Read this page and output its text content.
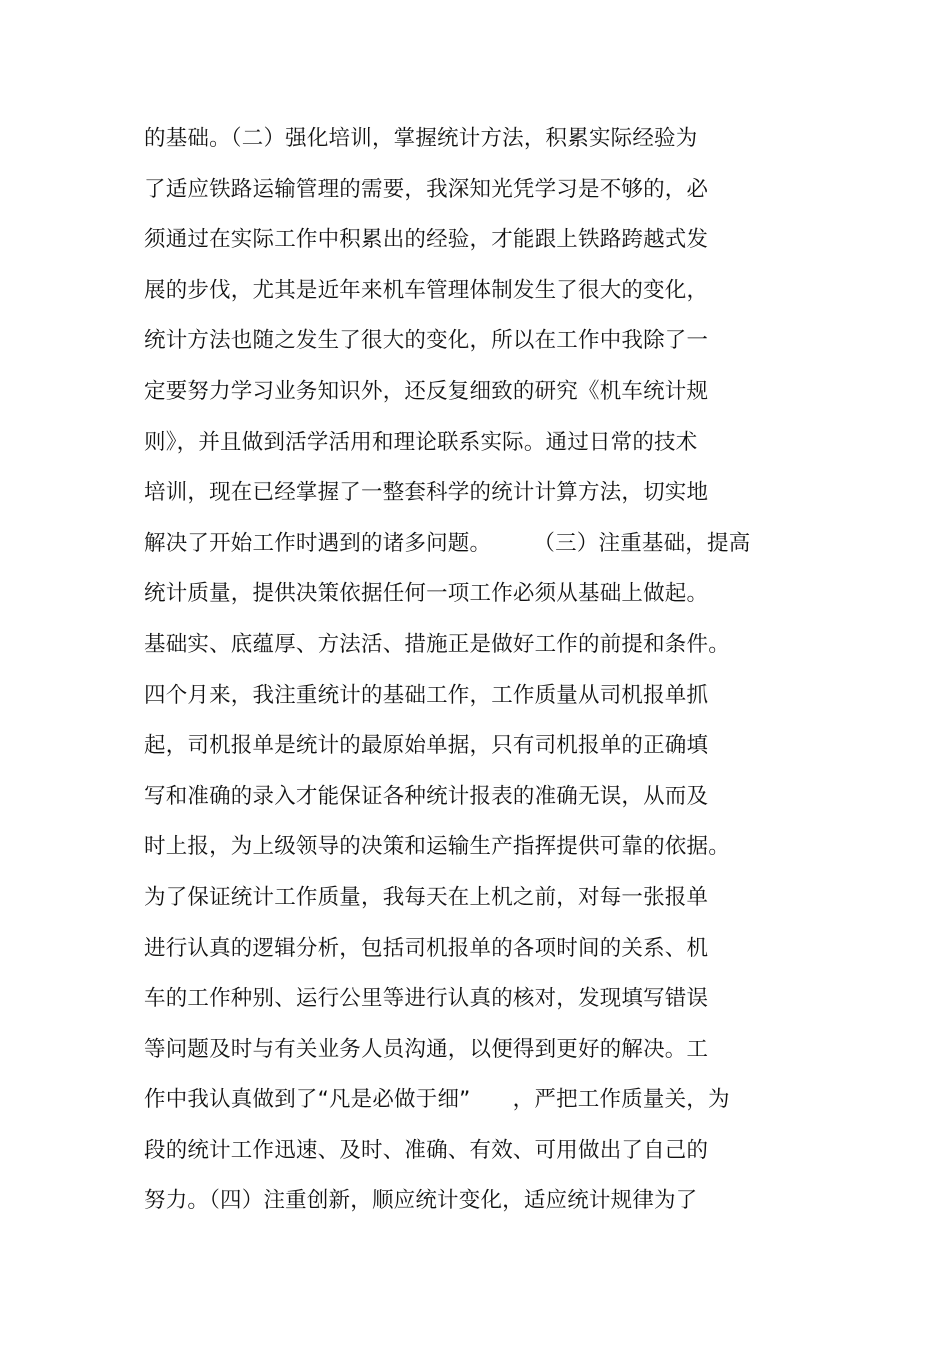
的基础。（二）强化培训，掌握统计方法，积累实际经验为
了适应铁路运输管理的需要，我深知光凭学习是不够的，必
须通过在实际工作中积累出的经验，才能跟上铁路跨越式发
展的步伐，尤其是近年来机车管理体制发生了很大的变化，
统计方法也随之发生了很大的变化，所以在工作中我除了一
定要努力学习业务知识外，还反复细致的研究《机车统计规
则》，并且做到活学活用和理论联系实际。通过日常的技术
培训，现在已经掌握了一整套科学的统计计算方法，切实地
解决了开始工作时遇到的诸多问题。      （三）注重基础，提高
统计质量，提供决策依据任何一项工作必须从基础上做起。
基础实、底蕴厚、方法活、措施正是做好工作的前提和条件。
四个月来，我注重统计的基础工作，工作质量从司机报单抓
起，司机报单是统计的最原始单据，只有司机报单的正确填
写和准确的录入才能保证各种统计报表的准确无误，从而及
时上报，为上级领导的决策和运输生产指挥提供可靠的依据。
为了保证统计工作质量，我每天在上机之前，对每一张报单
进行认真的逻辑分析，包括司机报单的各项时间的关系、机
车的工作种别、运行公里等进行认真的核对，发现填写错误
等问题及时与有关业务人员沟通，以便得到更好的解决。工
作中我认真做到了“凡是必做于细”      ，严把工作质量关，为
段的统计工作迅速、及时、准确、有效、可用做出了自己的
努力。（四）注重创新，顺应统计变化，适应统计规律为了
